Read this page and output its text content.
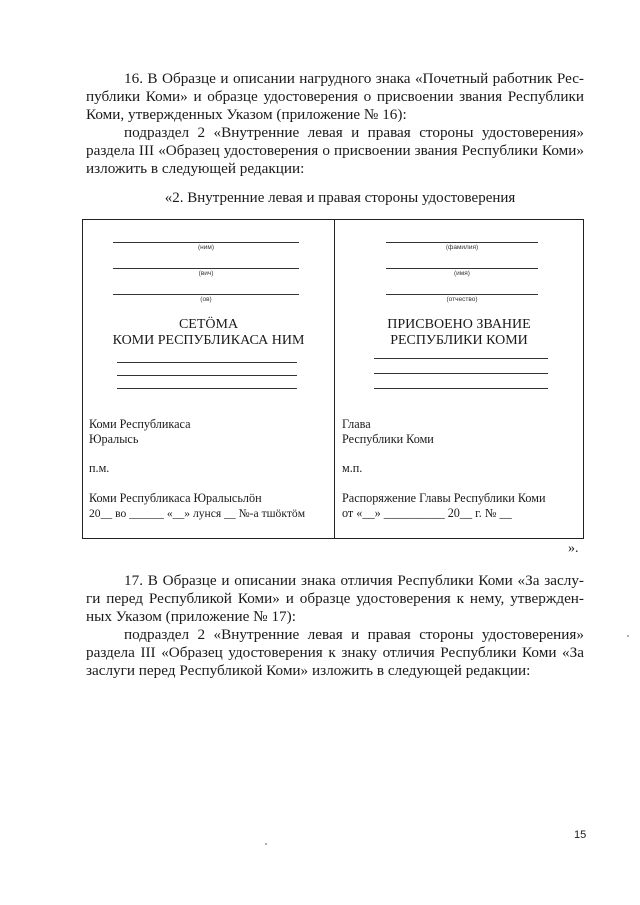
16. В Образце и описании нагрудного знака «Почетный работник Рес-
публики Коми» и образце удостоверения о присвоении звания Республики
Коми, утвержденных Указом (приложение № 16):
подраздел 2 «Внутренние левая и правая стороны удостоверения»
раздела III «Образец удостоверения о присвоении звания Республики Коми»
изложить в следующей редакции:
«2. Внутренние левая и правая стороны удостоверения
(ним)
(вич)
(ов)
СЕТÖМА
КОМИ РЕСПУБЛИКАСА НИМ
Коми Республикаса
Юралысь
п.м.
Коми Республикаса Юралысьлöн
20__ во ______ «__» лунся __ №-а тшöктöм
(фамилия)
(имя)
(отчество)
ПРИСВОЕНО ЗВАНИЕ
РЕСПУБЛИКИ КОМИ
Глава
Республики Коми
м.п.
Распоряжение Главы Республики Коми
от «__» __________ 20__ г. № __
».
17. В Образце и описании знака отличия Республики Коми «За заслу-
ги перед Республикой Коми» и образце удостоверения к нему, утвержден-
ных Указом (приложение № 17):
подраздел 2 «Внутренние левая и правая стороны удостоверения»
раздела III «Образец удостоверения к знаку отличия Республики Коми «За
заслуги перед Республикой Коми» изложить в следующей редакции:
15
